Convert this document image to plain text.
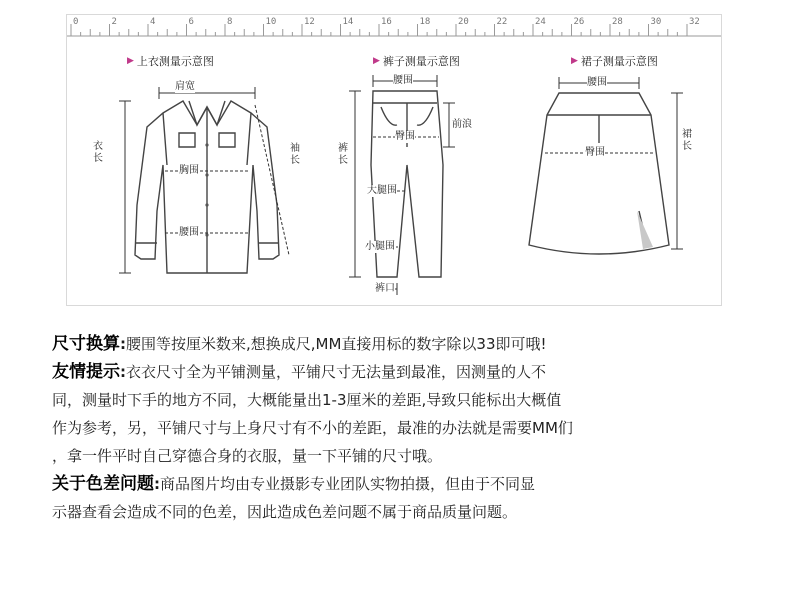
0	2	4	6	8	10	12	14	16	18	20	22	24	26	28	30	32
▶ 上衣测量示意图
肩宽
衣长
袖长
胸围
腰围
▶ 裤子测量示意图
腰围
裤长
前浪
臀围
大腿围
小腿围
裤口
▶ 裙子测量示意图
腰围
裙长
臀围
尺寸换算:腰围等按厘米数来,想换成尺,MM直接用标的数字除以33即可哦!
友情提示:衣衣尺寸全为平铺测量，平铺尺寸无法量到最准，因测量的人不
同，测量时下手的地方不同，大概能量出1-3厘米的差距,导致只能标出大概值
作为参考，另，平铺尺寸与上身尺寸有不小的差距，最准的办法就是需要MM们
，拿一件平时自己穿德合身的衣服，量一下平铺的尺寸哦。
关于色差问题:商品图片均由专业摄影专业团队实物拍摄，但由于不同显
示器查看会造成不同的色差，因此造成色差问题不属于商品质量问题。
